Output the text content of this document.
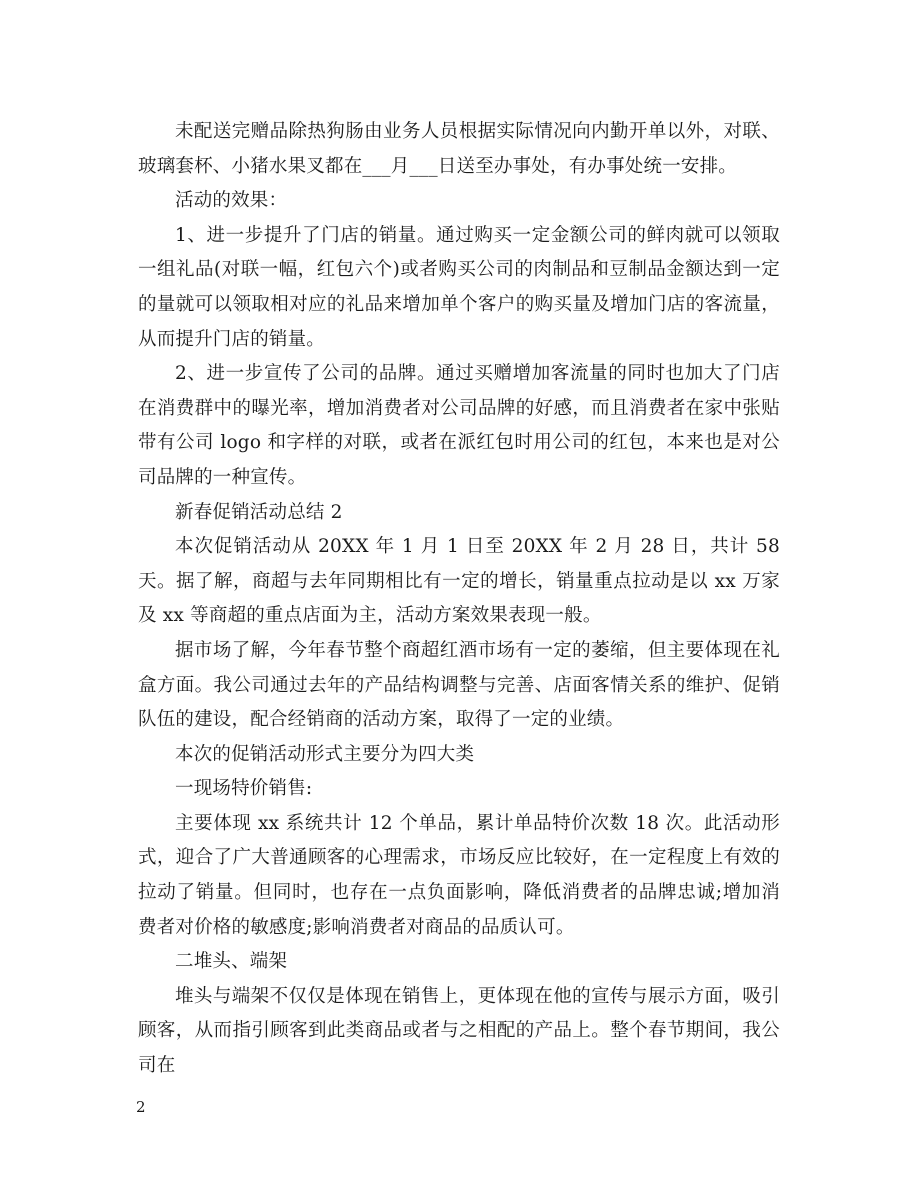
未配送完赠品除热狗肠由业务人员根据实际情况向内勤开单以外，对联、玻璃套杯、小猪水果叉都在___月___日送至办事处，有办事处统一安排。

活动的效果：

1、进一步提升了门店的销量。通过购买一定金额公司的鲜肉就可以领取一组礼品(对联一幅，红包六个)或者购买公司的肉制品和豆制品金额达到一定的量就可以领取相对应的礼品来增加单个客户的购买量及增加门店的客流量，从而提升门店的销量。

2、进一步宣传了公司的品牌。通过买赠增加客流量的同时也加大了门店在消费群中的曝光率，增加消费者对公司品牌的好感，而且消费者在家中张贴带有公司 logo 和字样的对联，或者在派红包时用公司的红包，本来也是对公司品牌的一种宣传。

新春促销活动总结 2

本次促销活动从 20XX 年 1 月 1 日至 20XX 年 2 月 28 日，共计 58 天。据了解，商超与去年同期相比有一定的增长，销量重点拉动是以 xx 万家及 xx 等商超的重点店面为主，活动方案效果表现一般。

据市场了解，今年春节整个商超红酒市场有一定的萎缩，但主要体现在礼盒方面。我公司通过去年的产品结构调整与完善、店面客情关系的维护、促销队伍的建设，配合经销商的活动方案，取得了一定的业绩。

本次的促销活动形式主要分为四大类

一现场特价销售:

主要体现 xx 系统共计 12 个单品，累计单品特价次数 18 次。此活动形式，迎合了广大普通顾客的心理需求，市场反应比较好，在一定程度上有效的拉动了销量。但同时，也存在一点负面影响，降低消费者的品牌忠诚;增加消费者对价格的敏感度;影响消费者对商品的品质认可。

二堆头、端架

堆头与端架不仅仅是体现在销售上，更体现在他的宣传与展示方面，吸引顾客，从而指引顾客到此类商品或者与之相配的产品上。整个春节期间，我公司在

2
